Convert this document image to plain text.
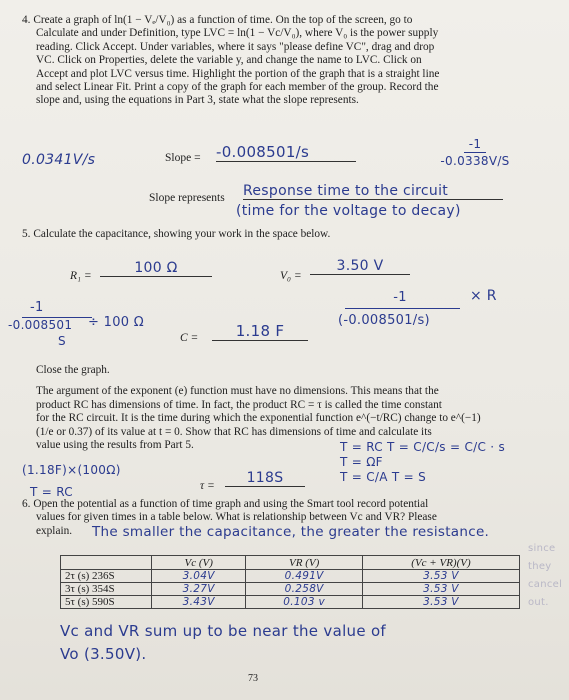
4. Create a graph of ln(1 − Vₑ/V₀) as a function of time. On the top of the screen, go to

Calculate and under Definition, type LVC = ln(1 − Vc/V₀), where V₀ is the power supply

reading. Click Accept. Under variables, where it says "please define VC", drag and drop

VC. Click on Properties, delete the variable y, and change the name to LVC. Click on

Accept and plot LVC versus time. Highlight the portion of the graph that is a straight line

and select Linear Fit. Print a copy of the graph for each member of the group. Record the

slope and, using the equations in Part 3, state what the slope represents.

0.0341V/s	Slope = -0.008501/s	-1
-0.0338V/S
Slope represents Response time to the circuit
(time for the voltage to decay)

5. Calculate the capacitance, showing your work in the space below.

R₁ =	100 Ω	V₀ =
3.50 V
-1
-0.008501 ÷ 100 Ω
S	C =	1.18 F
-1
(-0.008501/s)
× R

Close the graph.

The argument of the exponent (e) function must have no dimensions. This means that the

product RC has dimensions of time. In fact, the product RC = τ is called the time constant

for the RC circuit. It is the time during which the exponential function e^(−t/RC) change to e^(−1)

(1/e or 0.37) of its value at t = 0. Show that RC has dimensions of time and calculate its

value using the results from Part 5.	T = RC T = C/C/s = C/C · s
T = ΩF
T = C/A T = S
(1.18F)×(100Ω)
T = RC	τ =	118S

6. Open the potential as a function of time graph and using the Smart tool record potential

values for given times in a table below. What is relationship between Vc and VR? Please

explain.	The smaller the capacitance, the greater the resistance.
since they cancel out.
	Vc (V)	VR (V)	(Vc + VR)(V)
2τ (s) 236S	3.04V	0.491V	3.53 V
3τ (s) 354S	3.27V	0.258V	3.53 V
5τ (s) 590S	3.43V	0.103 v	3.53 V
Vc and VR sum up to be near the value of
Vo (3.50V).
73
